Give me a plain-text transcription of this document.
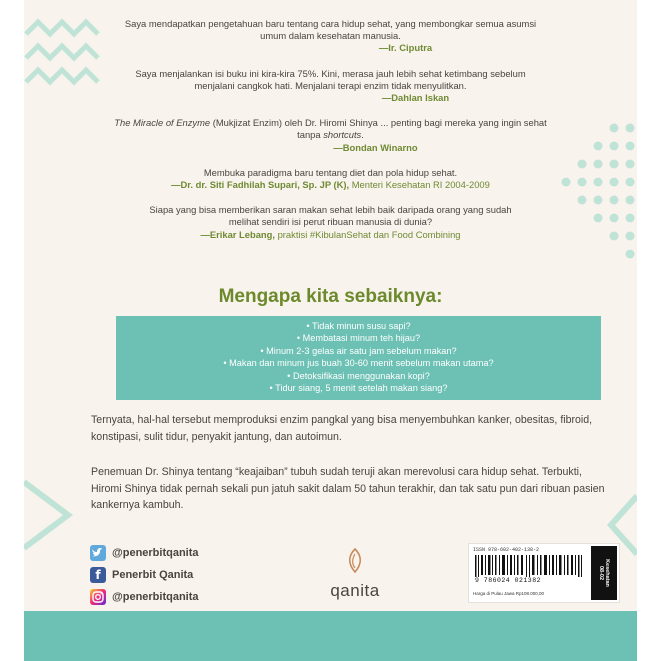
Saya mendapatkan pengetahuan baru tentang cara hidup sehat, yang membongkar semua asumsi umum dalam kesehatan manusia.
—Ir. Ciputra
Saya menjalankan isi buku ini kira-kira 75%. Kini, merasa jauh lebih sehat ketimbang sebelum menjalani cangkok hati. Menjalani terapi enzim tidak menyulitkan.
—Dahlan Iskan
The Miracle of Enzyme (Mukjizat Enzim) oleh Dr. Hiromi Shinya ... penting bagi mereka yang ingin sehat tanpa shortcuts.
—Bondan Winarno
Membuka paradigma baru tentang diet dan pola hidup sehat.
—Dr. dr. Siti Fadhilah Supari, Sp. JP (K), Menteri Kesehatan RI 2004-2009
Siapa yang bisa memberikan saran makan sehat lebih baik daripada orang yang sudah melihat sendiri isi perut ribuan manusia di dunia?
—Erikar Lebang, praktisi #KibulanSehat dan Food Combining
Mengapa kita sebaiknya:
• Tidak minum susu sapi?
• Membatasi minum teh hijau?
• Minum 2-3 gelas air satu jam sebelum makan?
• Makan dan minum jus buah 30-60 menit sebelum makan utama?
• Detoksifikasi menggunakan kopi?
• Tidur siang, 5 menit setelah makan siang?

Ternyata, hal-hal tersebut memproduksi enzim pangkal yang bisa menyembuhkan kanker, obesitas, fibroid, konstipasi, sulit tidur, penyakit jantung, dan autoimun.

Penemuan Dr. Shinya tentang “keajaiban” tubuh sudah teruji akan merevolusi cara hidup sehat. Terbukti, Hiromi Shinya tidak pernah sekali pun jatuh sakit dalam 50 tahun terakhir, dan tak satu pun dari ribuan pasien kankernya kambuh.

@penerbitqanita
f Penerbit Qanita
@penerbitqanita	qanita
ISSN 978-602-402-138-2
9 786024 021382
Harga di Pulau Jawa Rp108.000,00
Kesehatan
08-02
